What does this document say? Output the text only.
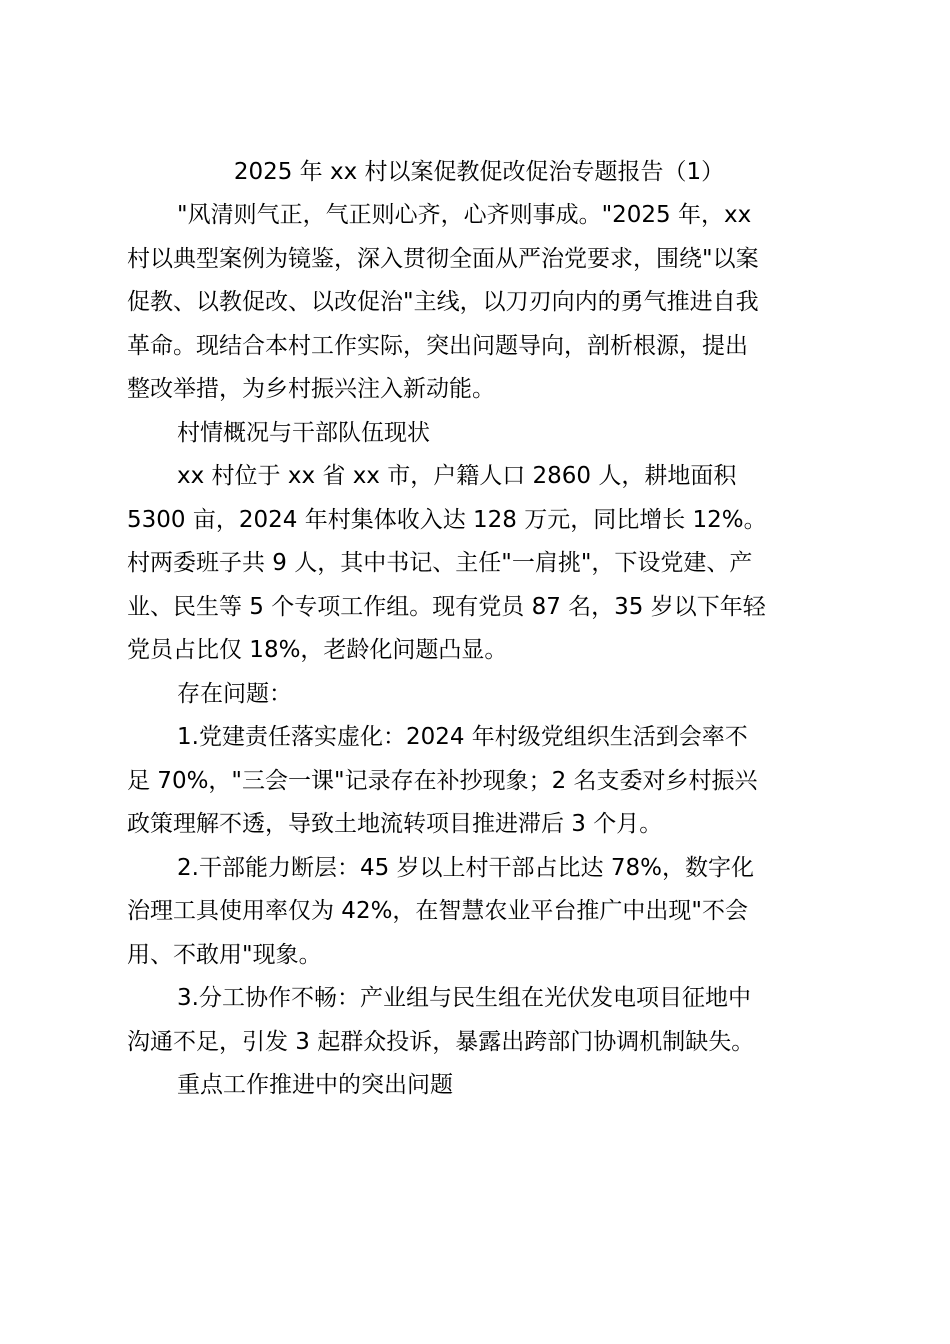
2025 年 xx 村以案促教促改促治专题报告（1）
"风清则气正，气正则心齐，心齐则事成。"2025 年，xx
村以典型案例为镜鉴，深入贯彻全面从严治党要求，围绕"以案
促教、以教促改、以改促治"主线，以刀刃向内的勇气推进自我
革命。现结合本村工作实际，突出问题导向，剖析根源，提出
整改举措，为乡村振兴注入新动能。
村情概况与干部队伍现状
xx 村位于 xx 省 xx 市，户籍人口 2860 人，耕地面积
5300 亩，2024 年村集体收入达 128 万元，同比增长 12%。
村两委班子共 9 人，其中书记、主任"一肩挑"，下设党建、产
业、民生等 5 个专项工作组。现有党员 87 名，35 岁以下年轻
党员占比仅 18%，老龄化问题凸显。
存在问题：
1.党建责任落实虚化：2024 年村级党组织生活到会率不
足 70%，"三会一课"记录存在补抄现象；2 名支委对乡村振兴
政策理解不透，导致土地流转项目推进滞后 3 个月。
2.干部能力断层：45 岁以上村干部占比达 78%，数字化
治理工具使用率仅为 42%，在智慧农业平台推广中出现"不会
用、不敢用"现象。
3.分工协作不畅：产业组与民生组在光伏发电项目征地中
沟通不足，引发 3 起群众投诉，暴露出跨部门协调机制缺失。
重点工作推进中的突出问题
